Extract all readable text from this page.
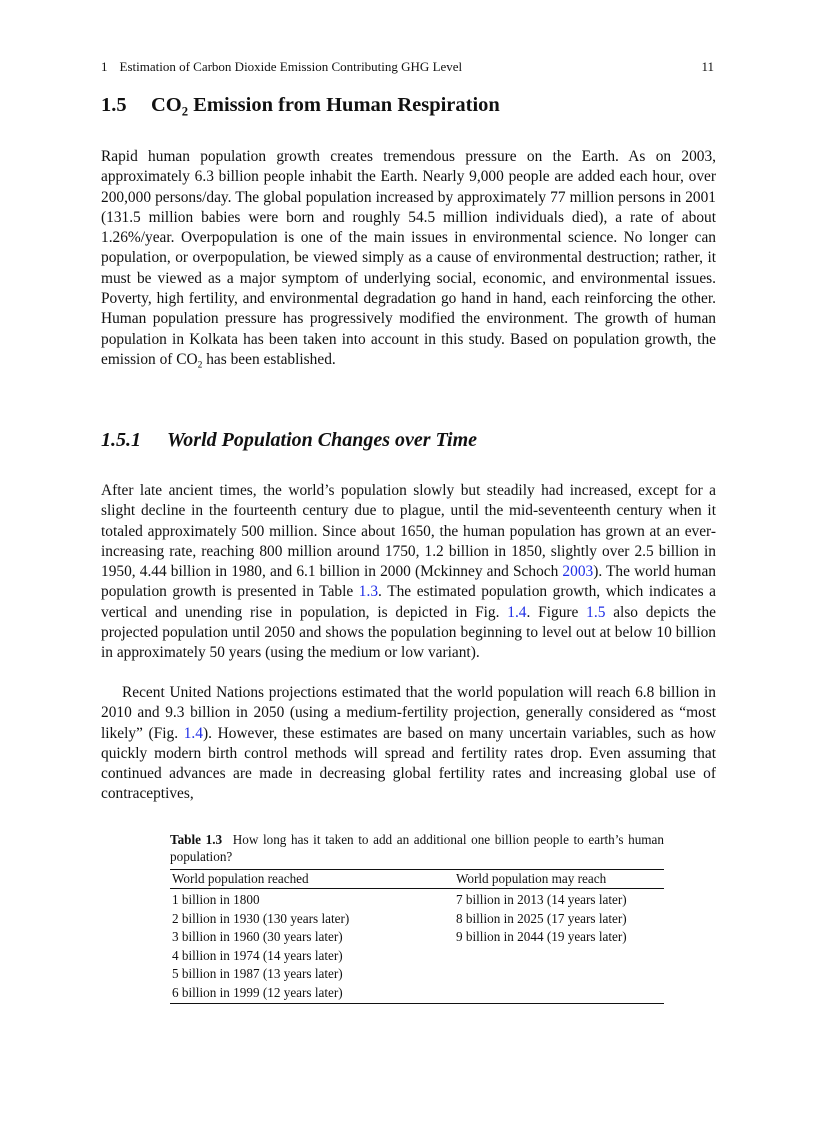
1 Estimation of Carbon Dioxide Emission Contributing GHG Level	11
1.5 $CO_2$ Emission from Human Respiration

Rapid human population growth creates tremendous pressure on the Earth. As on 2003, approximately 6.3 billion people inhabit the Earth. Nearly 9,000 people are added each hour, over 200,000 persons/day. The global population increased by approximately 77 million persons in 2001 (131.5 million babies were born and roughly 54.5 million individuals died), a rate of about 1.26%/year. Overpopulation is one of the main issues in environmental science. No longer can population, or overpopulation, be viewed simply as a cause of environmental destruction; rather, it must be viewed as a major symptom of underlying social, economic, and environmental issues. Poverty, high fertility, and environmental degradation go hand in hand, each reinforcing the other. Human population pressure has progressively modified the environment. The growth of human population in Kolkata has been taken into account in this study. Based on population growth, the emission of $CO_2$ has been established.

1.5.1 World Population Changes over Time

After late ancient times, the world’s population slowly but steadily had increased, except for a slight decline in the fourteenth century due to plague, until the mid-seventeenth century when it totaled approximately 500 million. Since about 1650, the human population has grown at an ever-increasing rate, reaching 800 million around 1750, 1.2 billion in 1850, slightly over 2.5 billion in 1950, 4.44 billion in 1980, and 6.1 billion in 2000 (Mckinney and Schoch 2003). The world human population growth is presented in Table 1.3. The estimated population growth, which indicates a vertical and unending rise in population, is depicted in Fig. 1.4. Figure 1.5 also depicts the projected population until 2050 and shows the population beginning to level out at below 10 billion in approximately 50 years (using the medium or low variant).

Recent United Nations projections estimated that the world population will reach 6.8 billion in 2010 and 9.3 billion in 2050 (using a medium-fertility projection, generally considered as “most likely” (Fig. 1.4). However, these estimates are based on many uncertain variables, such as how quickly modern birth control methods will spread and fertility rates drop. Even assuming that continued advances are made in decreasing global fertility rates and increasing global use of contraceptives,

Table 1.3 How long has it taken to add an additional one billion people to earth’s human population?

World population reached	World population may reach
1 billion in 1800	7 billion in 2013 (14 years later)
2 billion in 1930 (130 years later)	8 billion in 2025 (17 years later)
3 billion in 1960 (30 years later)	9 billion in 2044 (19 years later)
4 billion in 1974 (14 years later)	
5 billion in 1987 (13 years later)	
6 billion in 1999 (12 years later)	
